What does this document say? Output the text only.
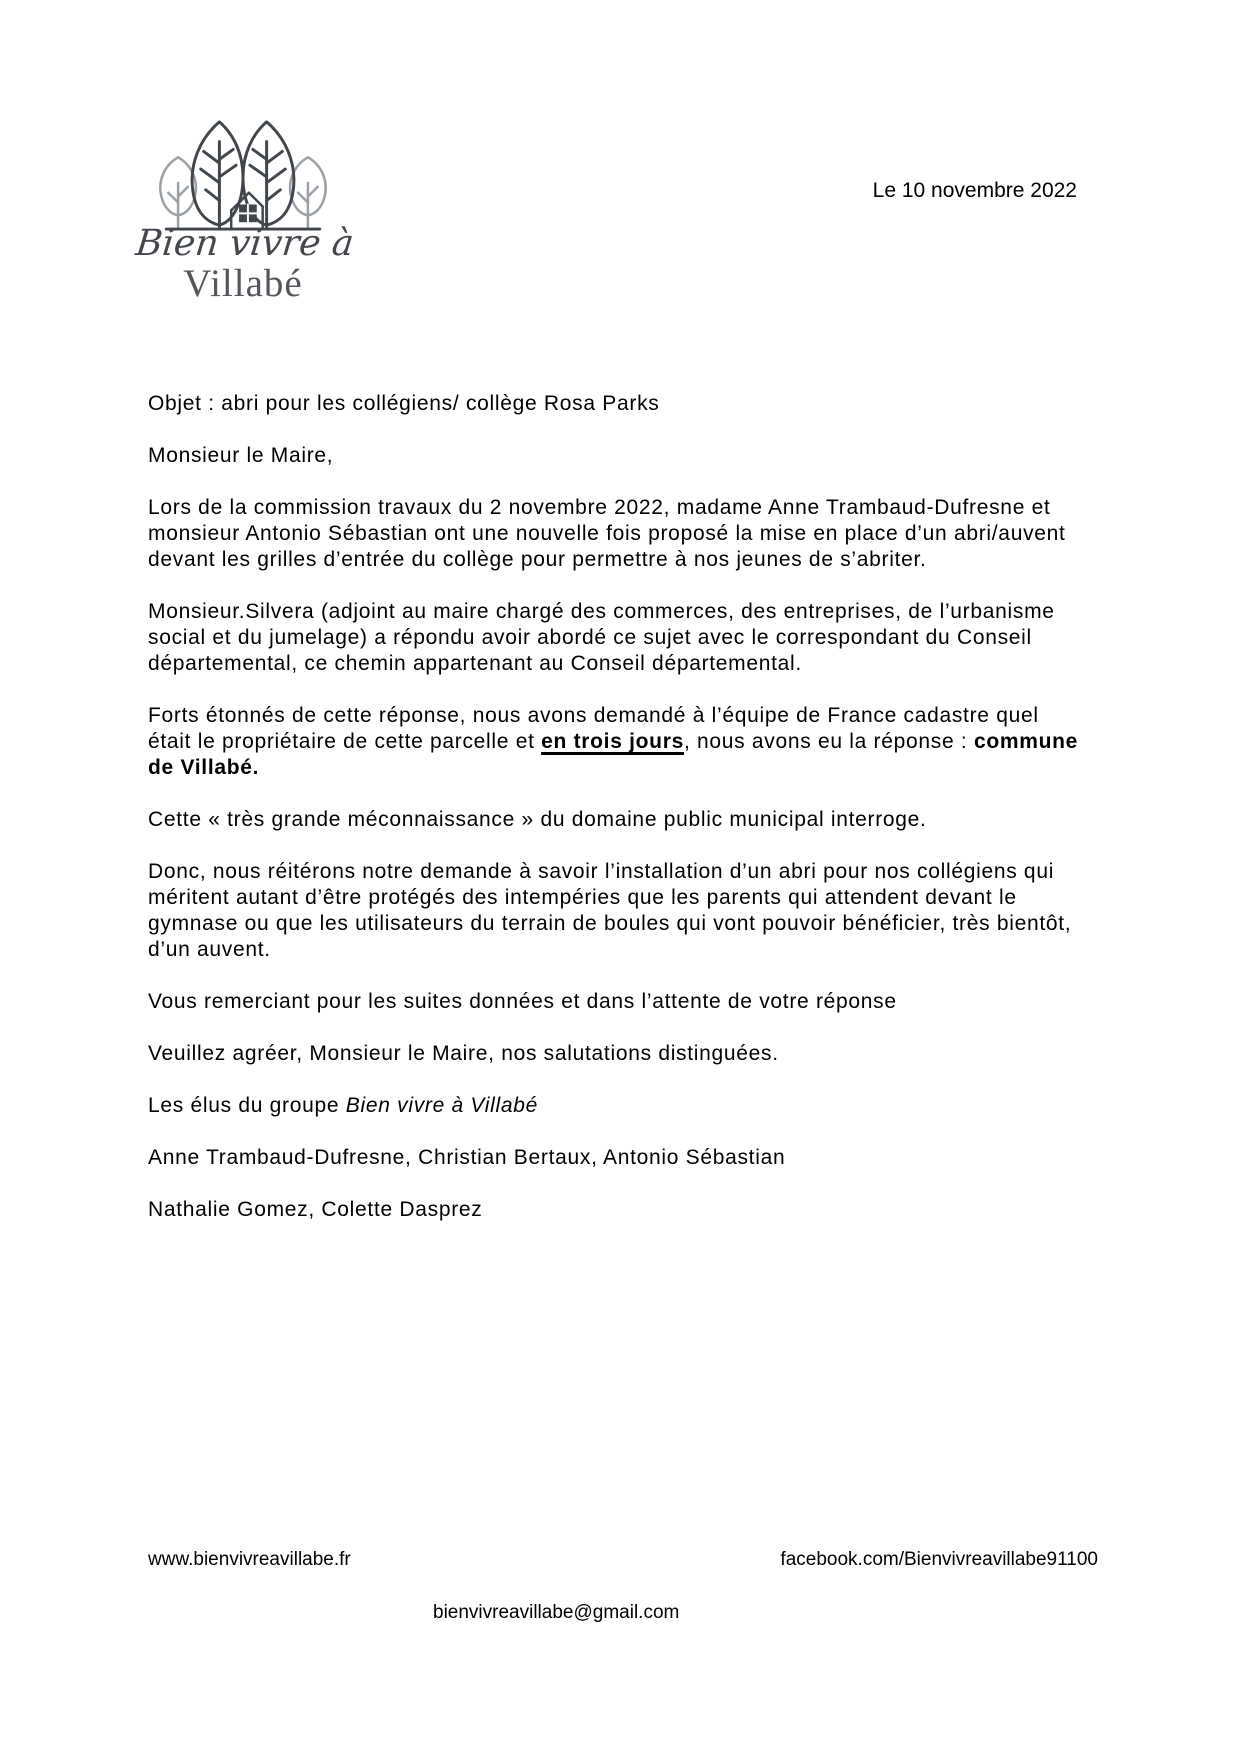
Bien vivre à
Villabé
Le 10 novembre 2022

Objet : abri pour les collégiens/ collège Rosa Parks

Monsieur le Maire,

Lors de la commission travaux du 2 novembre 2022, madame Anne Trambaud-Dufresne et monsieur Antonio Sébastian ont une nouvelle fois proposé la mise en place d’un abri/auvent devant les grilles d’entrée du collège pour permettre à nos jeunes de s’abriter.

Monsieur.Silvera (adjoint au maire chargé des commerces, des entreprises, de l’urbanisme social et du jumelage) a répondu avoir abordé ce sujet avec le correspondant du Conseil départemental, ce chemin appartenant au Conseil départemental.

Forts étonnés de cette réponse, nous avons demandé à l’équipe de France cadastre quel était le propriétaire de cette parcelle et en trois jours, nous avons eu la réponse : commune de Villabé.

Cette « très grande méconnaissance » du domaine public municipal interroge.

Donc, nous réitérons notre demande à savoir l’installation d’un abri pour nos collégiens qui méritent autant d’être protégés des intempéries que les parents qui attendent devant le gymnase ou que les utilisateurs du terrain de boules qui vont pouvoir bénéficier, très bientôt, d’un auvent.

Vous remerciant pour les suites données et dans l’attente de votre réponse

Veuillez agréer, Monsieur le Maire, nos salutations distinguées.

Les élus du groupe Bien vivre à Villabé

Anne Trambaud-Dufresne, Christian Bertaux, Antonio Sébastian

Nathalie Gomez, Colette Dasprez

www.bienvivreavillabe.fr	facebook.com/Bienvivreavillabe91100
bienvivreavillabe@gmail.com
